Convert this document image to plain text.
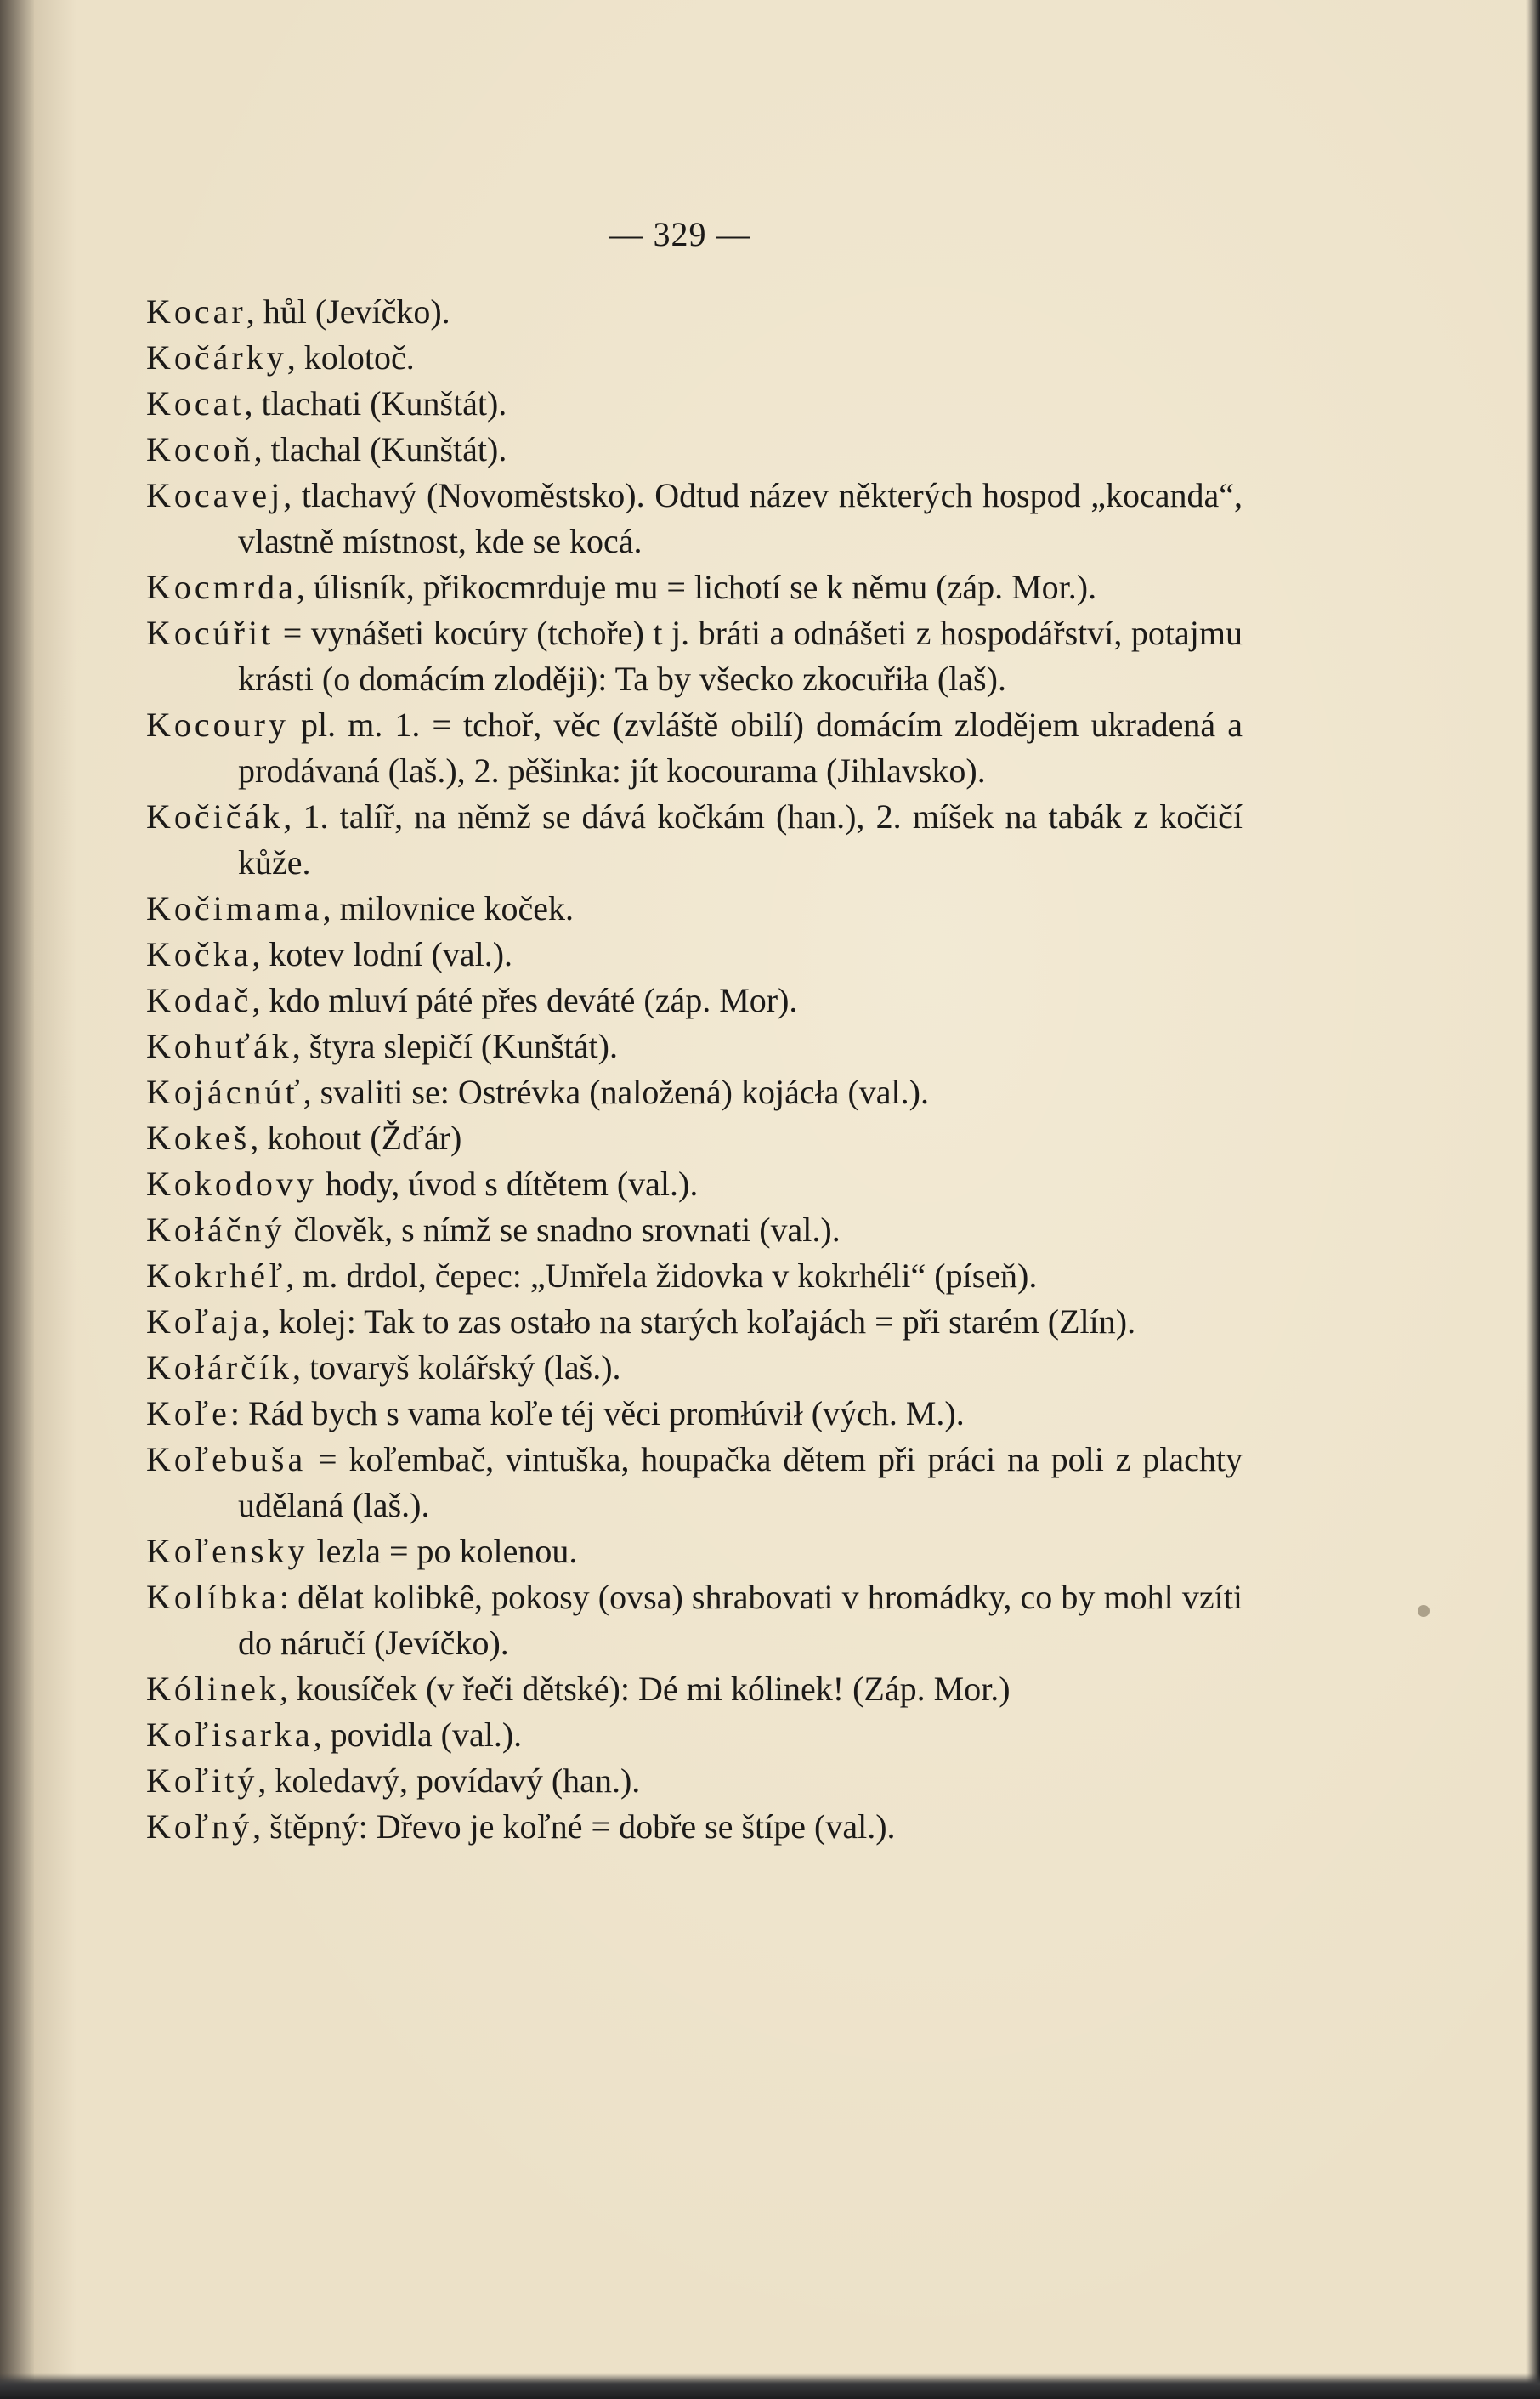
— 329 —
Kocar, hůl (Jevíčko).
Kočárky, kolotoč.
Kocat, tlachati (Kunštát).
Kocoň, tlachal (Kunštát).
Kocavej, tlachavý (Novoměstsko). Odtud název některých hospod „kocanda“, vlastně místnost, kde se kocá.
Kocmrda, úlisník, přikocmrduje mu = lichotí se k němu (záp. Mor.).
Kocúřit = vynášeti kocúry (tchoře) t j. bráti a odnášeti z hospodářství, potajmu krásti (o domácím zloději): Ta by všecko zkocuřiła (laš).
Kocoury pl. m. 1. = tchoř, věc (zvláště obilí) domácím zlodějem ukradená a prodávaná (laš.), 2. pěšinka: jít kocourama (Jihlavsko).
Kočičák, 1. talíř, na němž se dává kočkám (han.), 2. míšek na tabák z kočičí kůže.
Kočimama, milovnice koček.
Kočka, kotev lodní (val.).
Kodač, kdo mluví páté přes deváté (záp. Mor).
Kohuťák, štyra slepičí (Kunštát).
Kojácnúť, svaliti se: Ostrévka (naložená) kojácła (val.).
Kokeš, kohout (Žďár)
Kokodovy hody, úvod s dítětem (val.).
Kołáčný člověk, s nímž se snadno srovnati (val.).
Kokrhéľ, m. drdol, čepec: „Umřela židovka v kokrhéli“ (píseň).
Koľaja, kolej: Tak to zas ostało na starých koľajách = při starém (Zlín).
Kołárčík, tovaryš kolářský (laš.).
Koľe: Rád bych s vama koľe téj věci promłúvił (vých. M.).
Koľebuša = koľembač, vintuška, houpačka dětem při práci na poli z plachty udělaná (laš.).
Koľensky lezla = po kolenou.
Kolíbka: dělat kolibkê, pokosy (ovsa) shrabovati v hromádky, co by mohl vzíti do náručí (Jevíčko).
Kólinek, kousíček (v řeči dětské): Dé mi kólinek! (Záp. Mor.)
Koľisarka, povidla (val.).
Koľitý, koledavý, povídavý (han.).
Koľný, štěpný: Dřevo je koľné = dobře se štípe (val.).
